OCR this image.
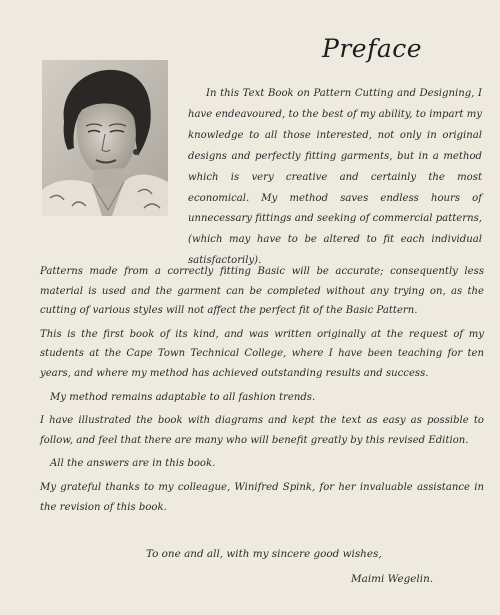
Preface

In this Text Book on Pattern Cutting and Designing, I have endeavoured, to the best of my ability, to impart my knowledge to all those interested, not only in original designs and perfectly fitting garments, but in a method which is very creative and certainly the most economical. My method saves endless hours of unnecessary fittings and seeking of commercial patterns, (which may have to be altered to fit each individual satisfactorily).

Patterns made from a correctly fitting Basic will be accurate; consequently less material is used and the garment can be completed without any trying on, as the cutting of various styles will not affect the perfect fit of the Basic Pattern.

This is the first book of its kind, and was written originally at the request of my students at the Cape Town Technical College, where I have been teaching for ten years, and where my method has achieved outstanding results and success.

My method remains adaptable to all fashion trends.

I have illustrated the book with diagrams and kept the text as easy as possible to follow, and feel that there are many who will benefit greatly by this revised Edition.

All the answers are in this book.

My grateful thanks to my colleague, Winifred Spink, for her invaluable assistance in the revision of this book.

To one and all, with my sincere good wishes,
Maimi Wegelin.
